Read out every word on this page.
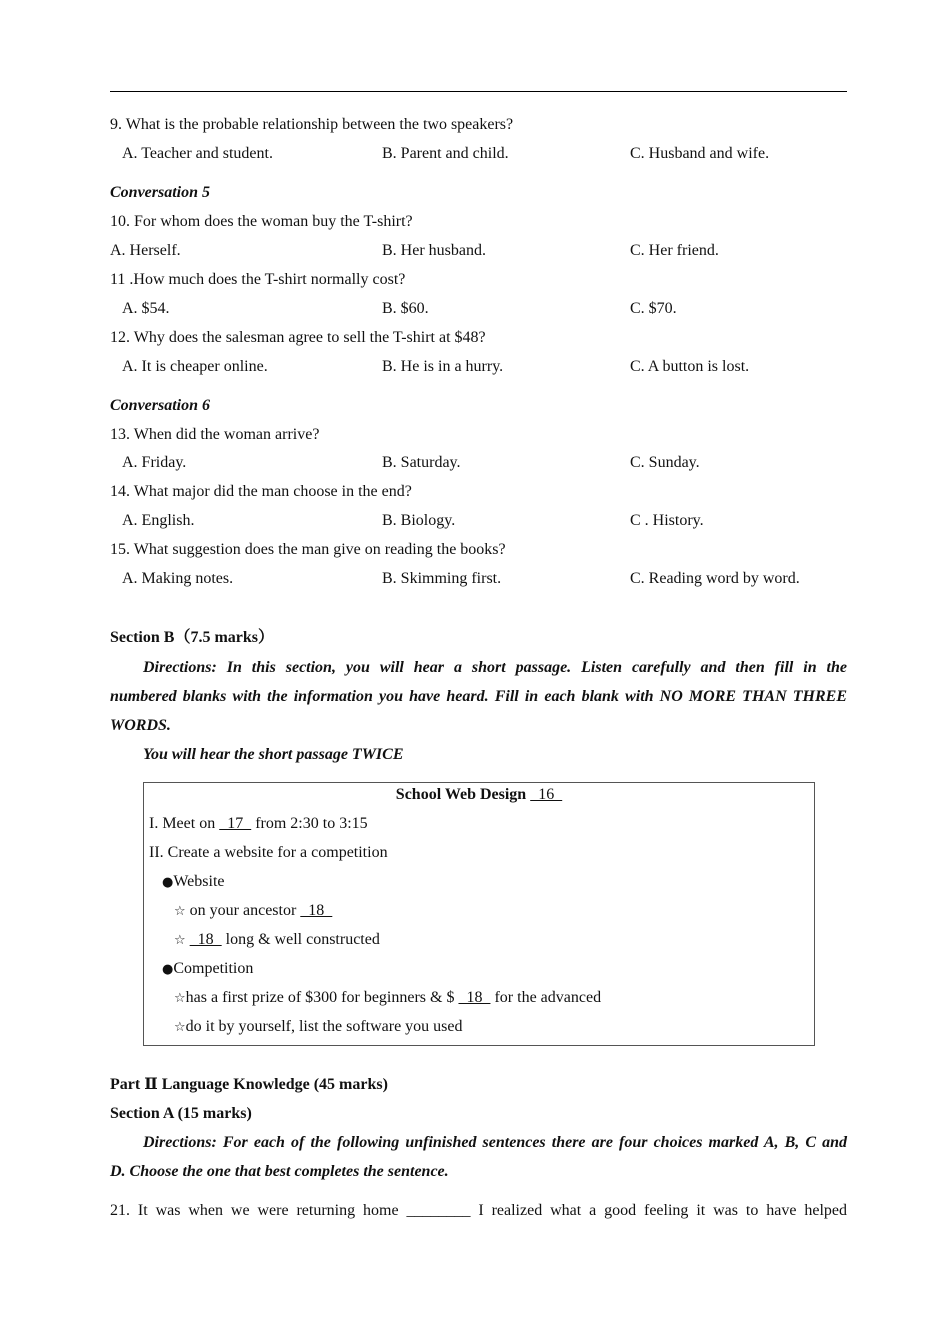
9. What is the probable relationship between the two speakers?
A. Teacher and student.	B. Parent and child.	C. Husband and wife.
Conversation 5
10. For whom does the woman buy the T-shirt?
A. Herself.	B. Her husband.	C. Her friend.
11 .How much does the T-shirt normally cost?
A. $54.	B. $60.	C. $70.
12. Why does the salesman agree to sell the T-shirt at $48?
A. It is cheaper online.	B. He is in a hurry.	C. A button is lost.
Conversation 6
13. When did the woman arrive?
A. Friday.	B. Saturday.	C. Sunday.
14. What major did the man choose in the end?
A. English.	B. Biology.	C . History.
15. What suggestion does the man give on reading the books?
A. Making notes.	B. Skimming first.	C. Reading word by word.
Section B（7.5 marks）
Directions: In this section, you will hear a short passage. Listen carefully and then fill in the
numbered blanks with the information you have heard. Fill in each blank with NO MORE THAN THREE
WORDS.
You will hear the short passage TWICE
School Web Design   16
I. Meet on   17   from 2:30 to 3:15
II. Create a website for a competition
●Website
☆ on your ancestor   18
☆   18   long & well constructed
●Competition
☆has a first prize of $300 for beginners & $   18   for the advanced
☆do it by yourself, list the software you used
Part Ⅱ Language Knowledge (45 marks)
Section A (15 marks)
Directions: For each of the following unfinished sentences there are four choices marked A, B, C and
D. Choose the one that best completes the sentence.
21. It was when we were returning home ________ I realized what a good feeling it was to have helped
